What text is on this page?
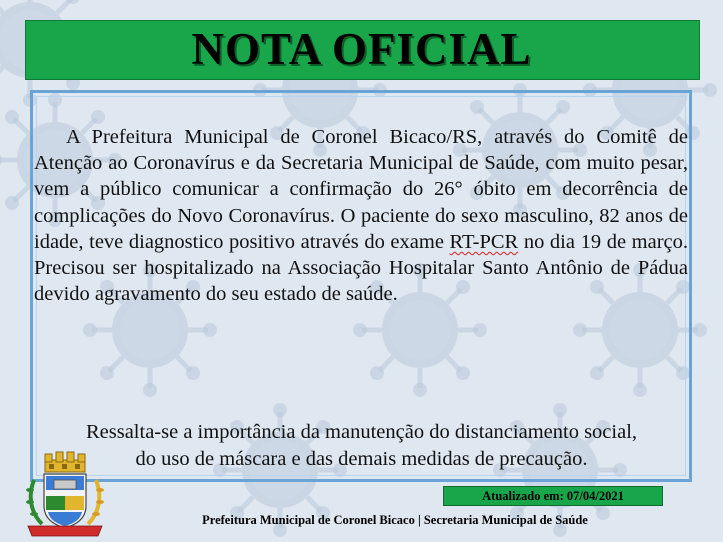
NOTA OFICIAL

A Prefeitura Municipal de Coronel Bicaco/RS, através do Comitê de Atenção ao Coronavírus e da Secretaria Municipal de Saúde, com muito pesar, vem a público comunicar a confirmação do 26° óbito em decorrência de complicações do Novo Coronavírus. O paciente do sexo masculino, 82 anos de idade, teve diagnostico positivo através do exame RT-PCR no dia 19 de março. Precisou ser hospitalizado na Associação Hospitalar Santo Antônio de Pádua devido agravamento do seu estado de saúde.

Ressalta-se a importância da manutenção do distanciamento social,
do uso de máscara e das demais medidas de precaução.

Atualizado em: 07/04/2021
Prefeitura Municipal de Coronel Bicaco | Secretaria Municipal de Saúde
